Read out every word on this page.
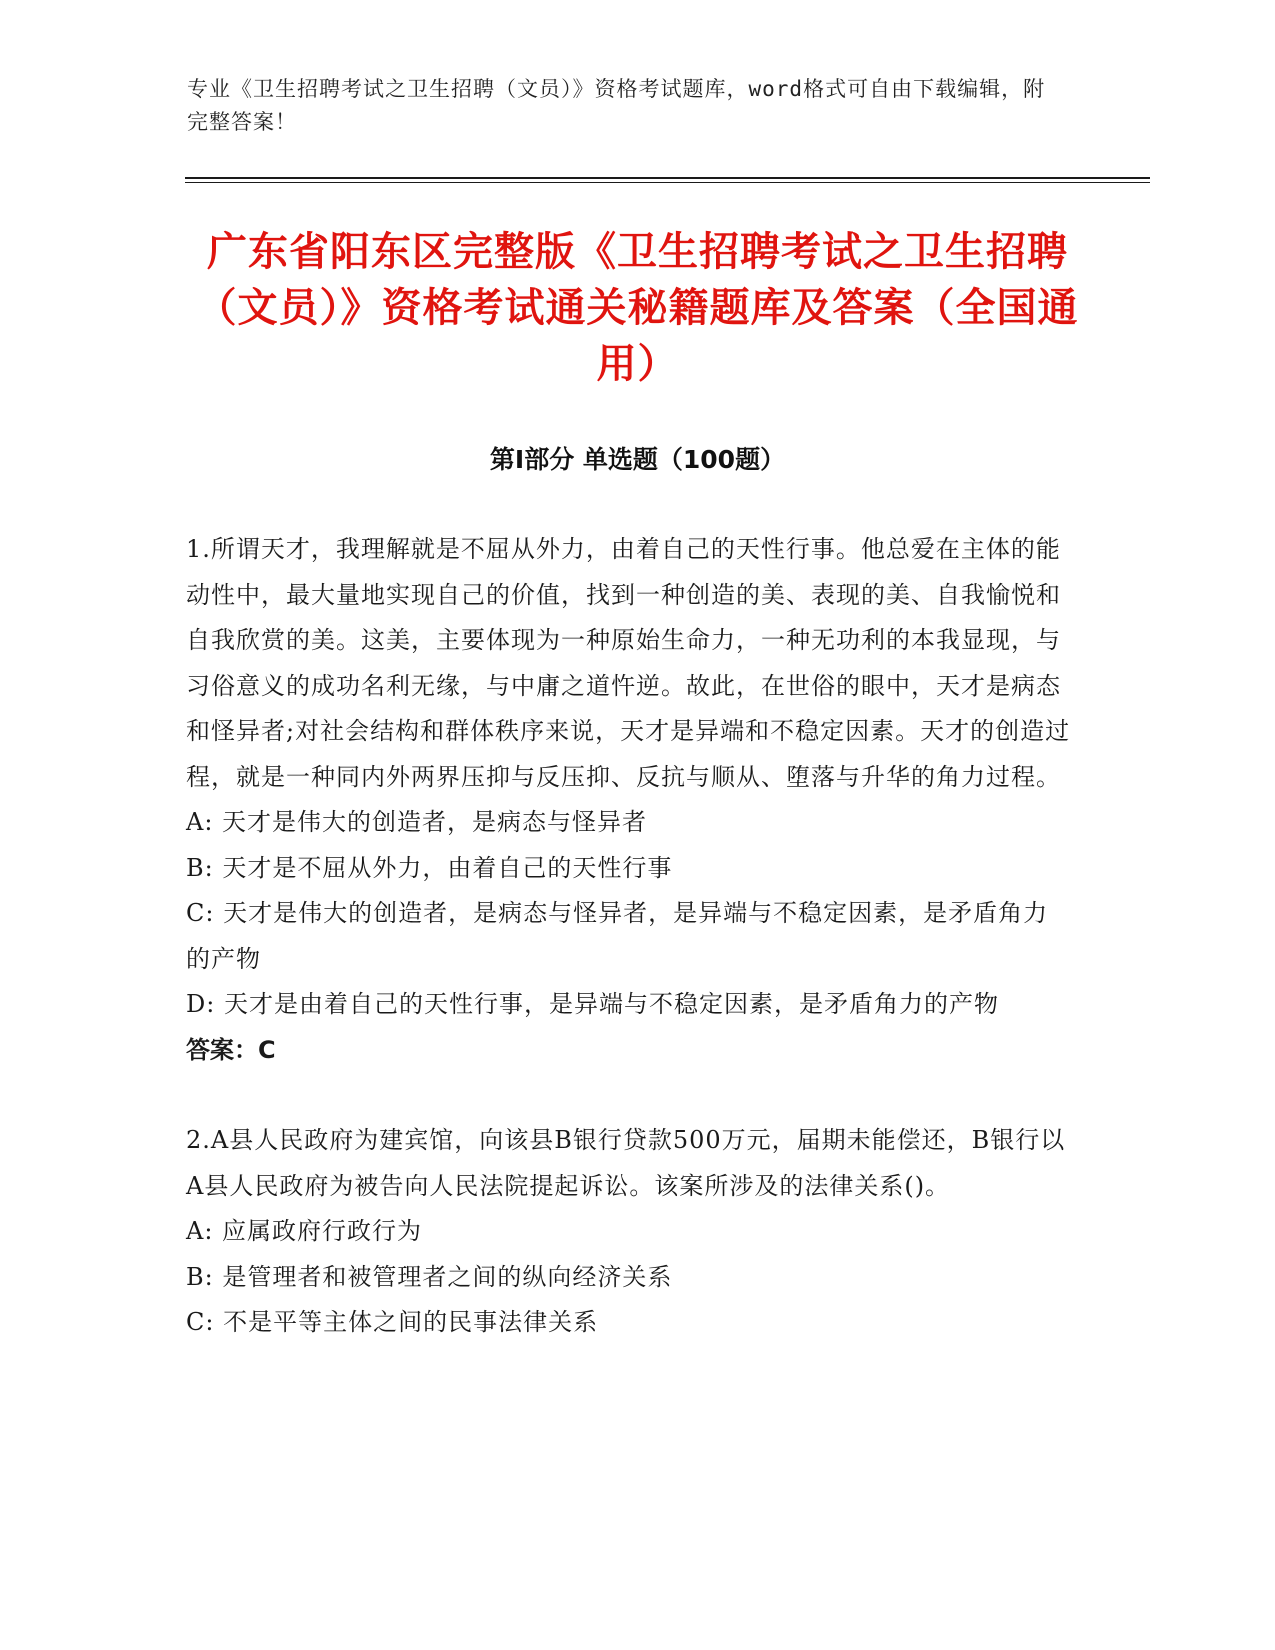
专业《卫生招聘考试之卫生招聘（文员）》资格考试题库，word格式可自由下载编辑，附完整答案！
广东省阳东区完整版《卫生招聘考试之卫生招聘（文员）》资格考试通关秘籍题库及答案（全国通用）
第Ⅰ部分 单选题（100题）

1.所谓天才，我理解就是不屈从外力，由着自己的天性行事。他总爱在主体的能动性中，最大量地实现自己的价值，找到一种创造的美、表现的美、自我愉悦和自我欣赏的美。这美，主要体现为一种原始生命力，一种无功利的本我显现，与习俗意义的成功名利无缘，与中庸之道忤逆。故此，在世俗的眼中，天才是病态和怪异者;对社会结构和群体秩序来说，天才是异端和不稳定因素。天才的创造过程，就是一种同内外两界压抑与反压抑、反抗与顺从、堕落与升华的角力过程。

A: 天才是伟大的创造者，是病态与怪异者

B: 天才是不屈从外力，由着自己的天性行事

C: 天才是伟大的创造者，是病态与怪异者，是异端与不稳定因素，是矛盾角力的产物

D: 天才是由着自己的天性行事，是异端与不稳定因素，是矛盾角力的产物

答案：C

2.A县人民政府为建宾馆，向该县B银行贷款500万元，届期未能偿还，B银行以A县人民政府为被告向人民法院提起诉讼。该案所涉及的法律关系()。

A: 应属政府行政行为

B: 是管理者和被管理者之间的纵向经济关系

C: 不是平等主体之间的民事法律关系
